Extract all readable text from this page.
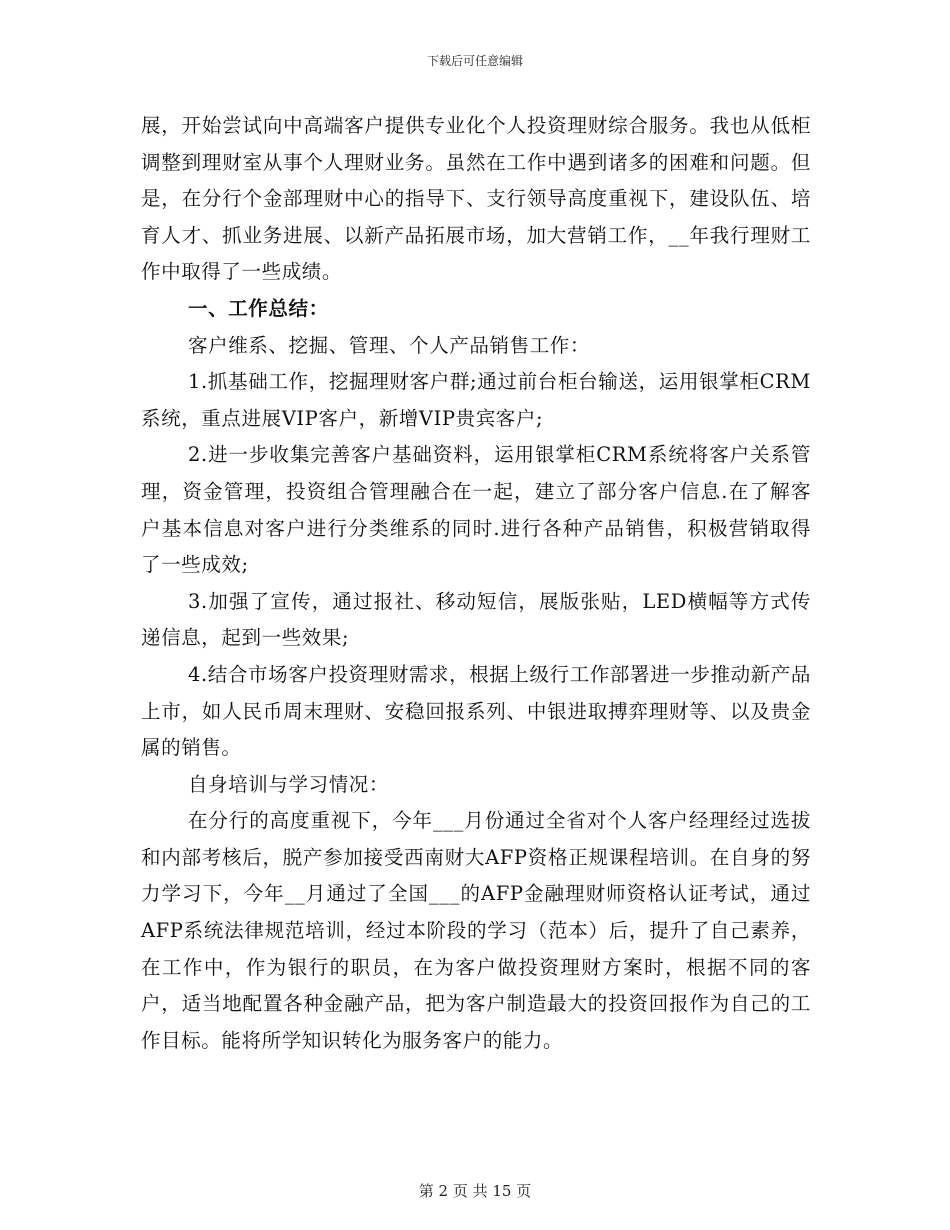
下载后可任意编辑

展，开始尝试向中高端客户提供专业化个人投资理财综合服务。我也从低柜调整到理财室从事个人理财业务。虽然在工作中遇到诸多的困难和问题。但是，在分行个金部理财中心的指导下、支行领导高度重视下，建设队伍、培育人才、抓业务进展、以新产品拓展市场，加大营销工作，__年我行理财工作中取得了一些成绩。

一、工作总结：

客户维系、挖掘、管理、个人产品销售工作：

1.抓基础工作，挖掘理财客户群;通过前台柜台输送，运用银掌柜CRM系统，重点进展VIP客户，新增VIP贵宾客户;

2.进一步收集完善客户基础资料，运用银掌柜CRM系统将客户关系管理，资金管理，投资组合管理融合在一起，建立了部分客户信息.在了解客户基本信息对客户进行分类维系的同时.进行各种产品销售，积极营销取得了一些成效;

3.加强了宣传，通过报社、移动短信，展版张贴，LED横幅等方式传递信息，起到一些效果;

4.结合市场客户投资理财需求，根据上级行工作部署进一步推动新产品上市，如人民币周末理财、安稳回报系列、中银进取搏弈理财等、以及贵金属的销售。

自身培训与学习情况：

在分行的高度重视下，今年___月份通过全省对个人客户经理经过选拔和内部考核后，脱产参加接受西南财大AFP资格正规课程培训。在自身的努力学习下，今年__月通过了全国___的AFP金融理财师资格认证考试，通过AFP系统法律规范培训，经过本阶段的学习（范本）后，提升了自己素养，在工作中，作为银行的职员，在为客户做投资理财方案时，根据不同的客户，适当地配置各种金融产品，把为客户制造最大的投资回报作为自己的工作目标。能将所学知识转化为服务客户的能力。

第 2 页 共 15 页
